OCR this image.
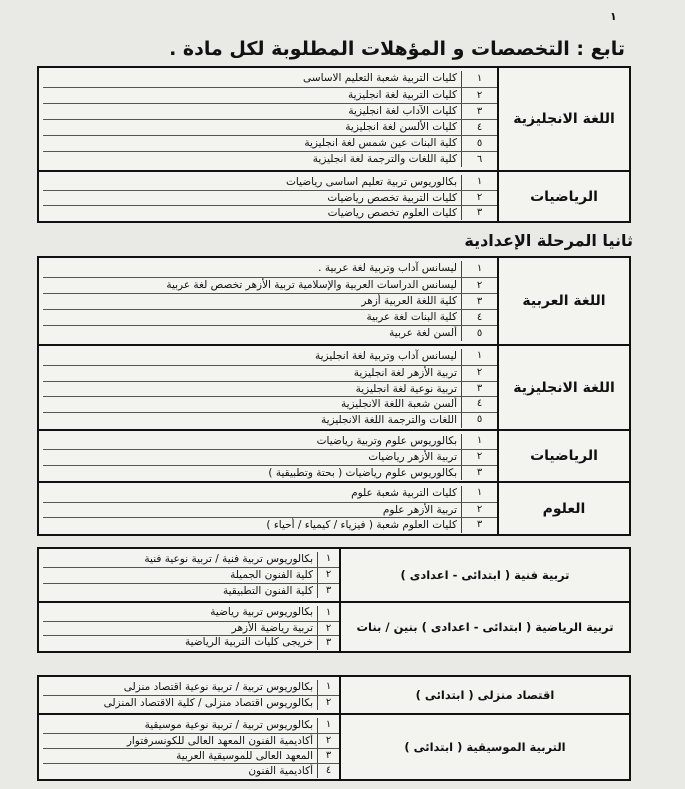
١
تابع : التخصصات و المؤهلات المطلوبة لكل مادة .
ثانيا المرحلة الإعدادية
اللغة الانجليزية
١
كليات التربية شعبة التعليم الاساسى
٢
كليات التربية لغة انجليزية
٣
كليات الآداب لغة انجليزية
٤
كليات الألسن لغة انجليزية
٥
كلية البنات عين شمس لغة انجليزية
٦
كلية اللغات والترجمة لغة انجليزية
الرياضيات
١
بكالوريوس تربية تعليم اساسى رياضيات
٢
كليات التربية تخصص رياضيات
٣
كليات العلوم تخصص رياضيات
اللغة العربية
١
ليسانس آداب وتربية لغة عربية .
٢
ليسانس الدراسات العربية والإسلامية تربية الأزهر تخصص لغة عربية
٣
كلية اللغة العربية أزهر
٤
كلية البنات لغة عربية
٥
ألسن لغة عربية
اللغة الانجليزية
١
ليسانس آداب وتربية لغة انجليزية
٢
تربية الأزهر لغة انجليزية
٣
تربية نوعية لغة انجليزية
٤
ألسن شعبة اللغة الانجليزية
٥
اللغات والترجمة اللغة الانجليزية
الرياضيات
١
بكالوريوس علوم وتربية رياضيات
٢
تربية الأزهر رياضيات
٣
بكالوريوس علوم رياضيات ( بحتة وتطبيقية )
العلوم
١
كليات التربية شعبة علوم
٢
تربية الأزهر علوم
٣
كليات العلوم شعبة ( فيزياء / كيمياء / أحياء )
تربية فنية ( ابتدائى - اعدادى )
١
بكالوريوس تربية فنية / تربية نوعية فنية
٢
كلية الفنون الجميلة
٣
كلية الفنون التطبيقية
تربية الرياضية ( ابتدائى - اعدادى ) بنين / بنات
١
بكالوريوس تربية رياضية
٢
تربية رياضية الأزهر
٣
خريجى كليات التربية الرياضية
اقتصاد منزلى ( ابتدائى )
١
بكالوريوس تربية / تربية نوعية اقتصاد منزلى
٢
بكالوريوس اقتصاد منزلى / كلية الاقتصاد المنزلى
التربية الموسيقية ( ابتدائى )
١
بكالوريوس تربية / تربية نوعية موسيقية
٢
أكاديمية الفنون المعهد العالى للكونسرفتوار
٣
المعهد العالى للموسيقية العربية
٤
أكاديمية الفنون
